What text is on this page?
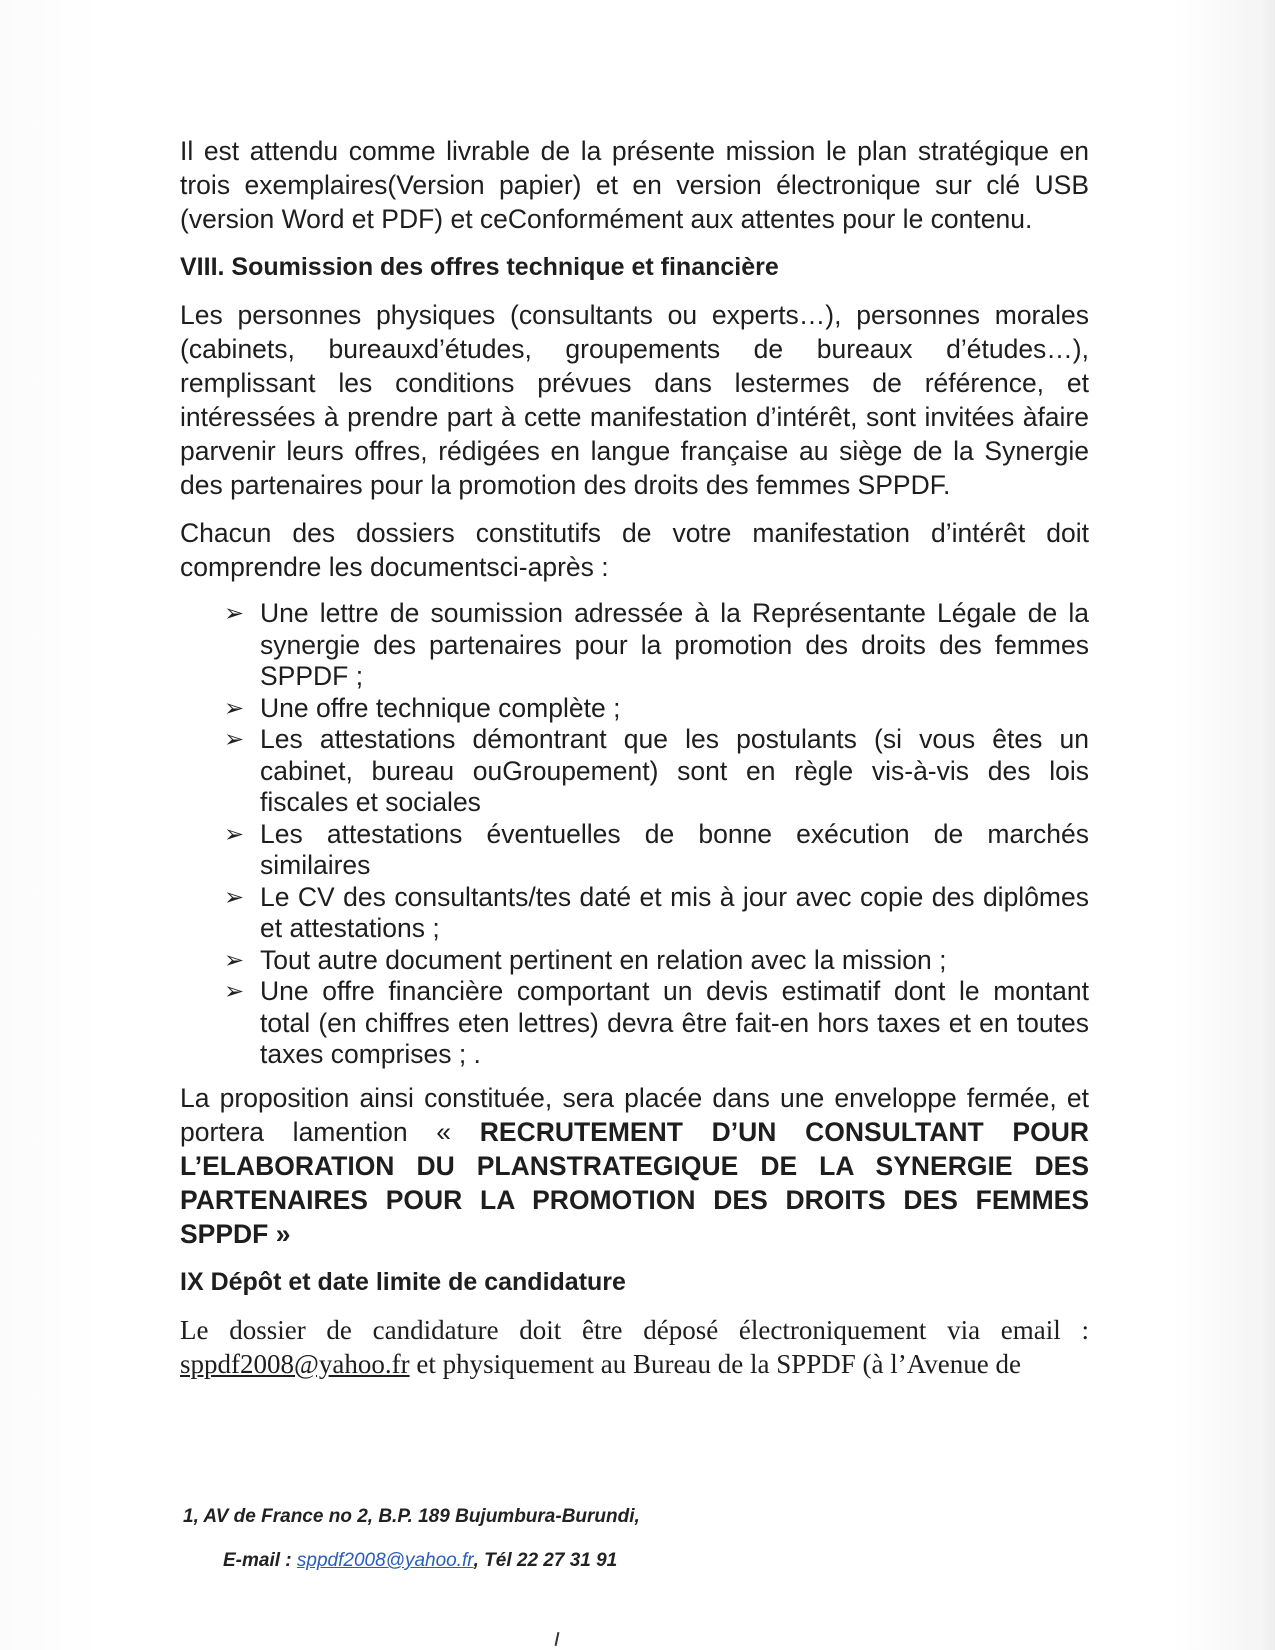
Il est attendu comme livrable de la présente mission le plan stratégique en trois exemplaires(Version papier) et en version électronique sur clé USB (version Word et PDF) et ceConformément aux attentes pour le contenu.

VIII. Soumission des offres technique et financière

Les personnes physiques (consultants ou experts…), personnes morales (cabinets, bureauxd’études, groupements de bureaux d’études…), remplissant les conditions prévues dans lestermes de référence, et intéressées à prendre part à cette manifestation d’intérêt, sont invitées àfaire parvenir leurs offres, rédigées en langue française au siège de la Synergie des partenaires pour la promotion des droits des femmes SPPDF.

Chacun des dossiers constitutifs de votre manifestation d’intérêt doit comprendre les documentsci-après :

➢ Une lettre de soumission adressée à la Représentante Légale de la synergie des partenaires pour la promotion des droits des femmes SPPDF ;
➢ Une offre technique complète ;
➢ Les attestations démontrant que les postulants (si vous êtes un cabinet, bureau ouGroupement) sont en règle vis-à-vis des lois fiscales et sociales
➢ Les attestations éventuelles de bonne exécution de marchés similaires
➢ Le CV des consultants/tes daté et mis à jour avec copie des diplômes et attestations ;
➢ Tout autre document pertinent en relation avec la mission ;
➢ Une offre financière comportant un devis estimatif dont le montant total (en chiffres eten lettres) devra être fait-en hors taxes et en toutes taxes comprises ; .

La proposition ainsi constituée, sera placée dans une enveloppe fermée, et portera lamention « RECRUTEMENT D’UN CONSULTANT POUR L’ELABORATION DU PLANSTRATEGIQUE DE LA SYNERGIE DES PARTENAIRES POUR LA PROMOTION DES DROITS DES FEMMES SPPDF »

IX Dépôt et date limite de candidature

Le dossier de candidature doit être déposé électroniquement via email : sppdf2008@yahoo.fr et physiquement au Bureau de la SPPDF (à l’Avenue de

1, AV de France no 2, B.P. 189 Bujumbura-Burundi,
E-mail : sppdf2008@yahoo.fr, Tél 22 27 31 91
